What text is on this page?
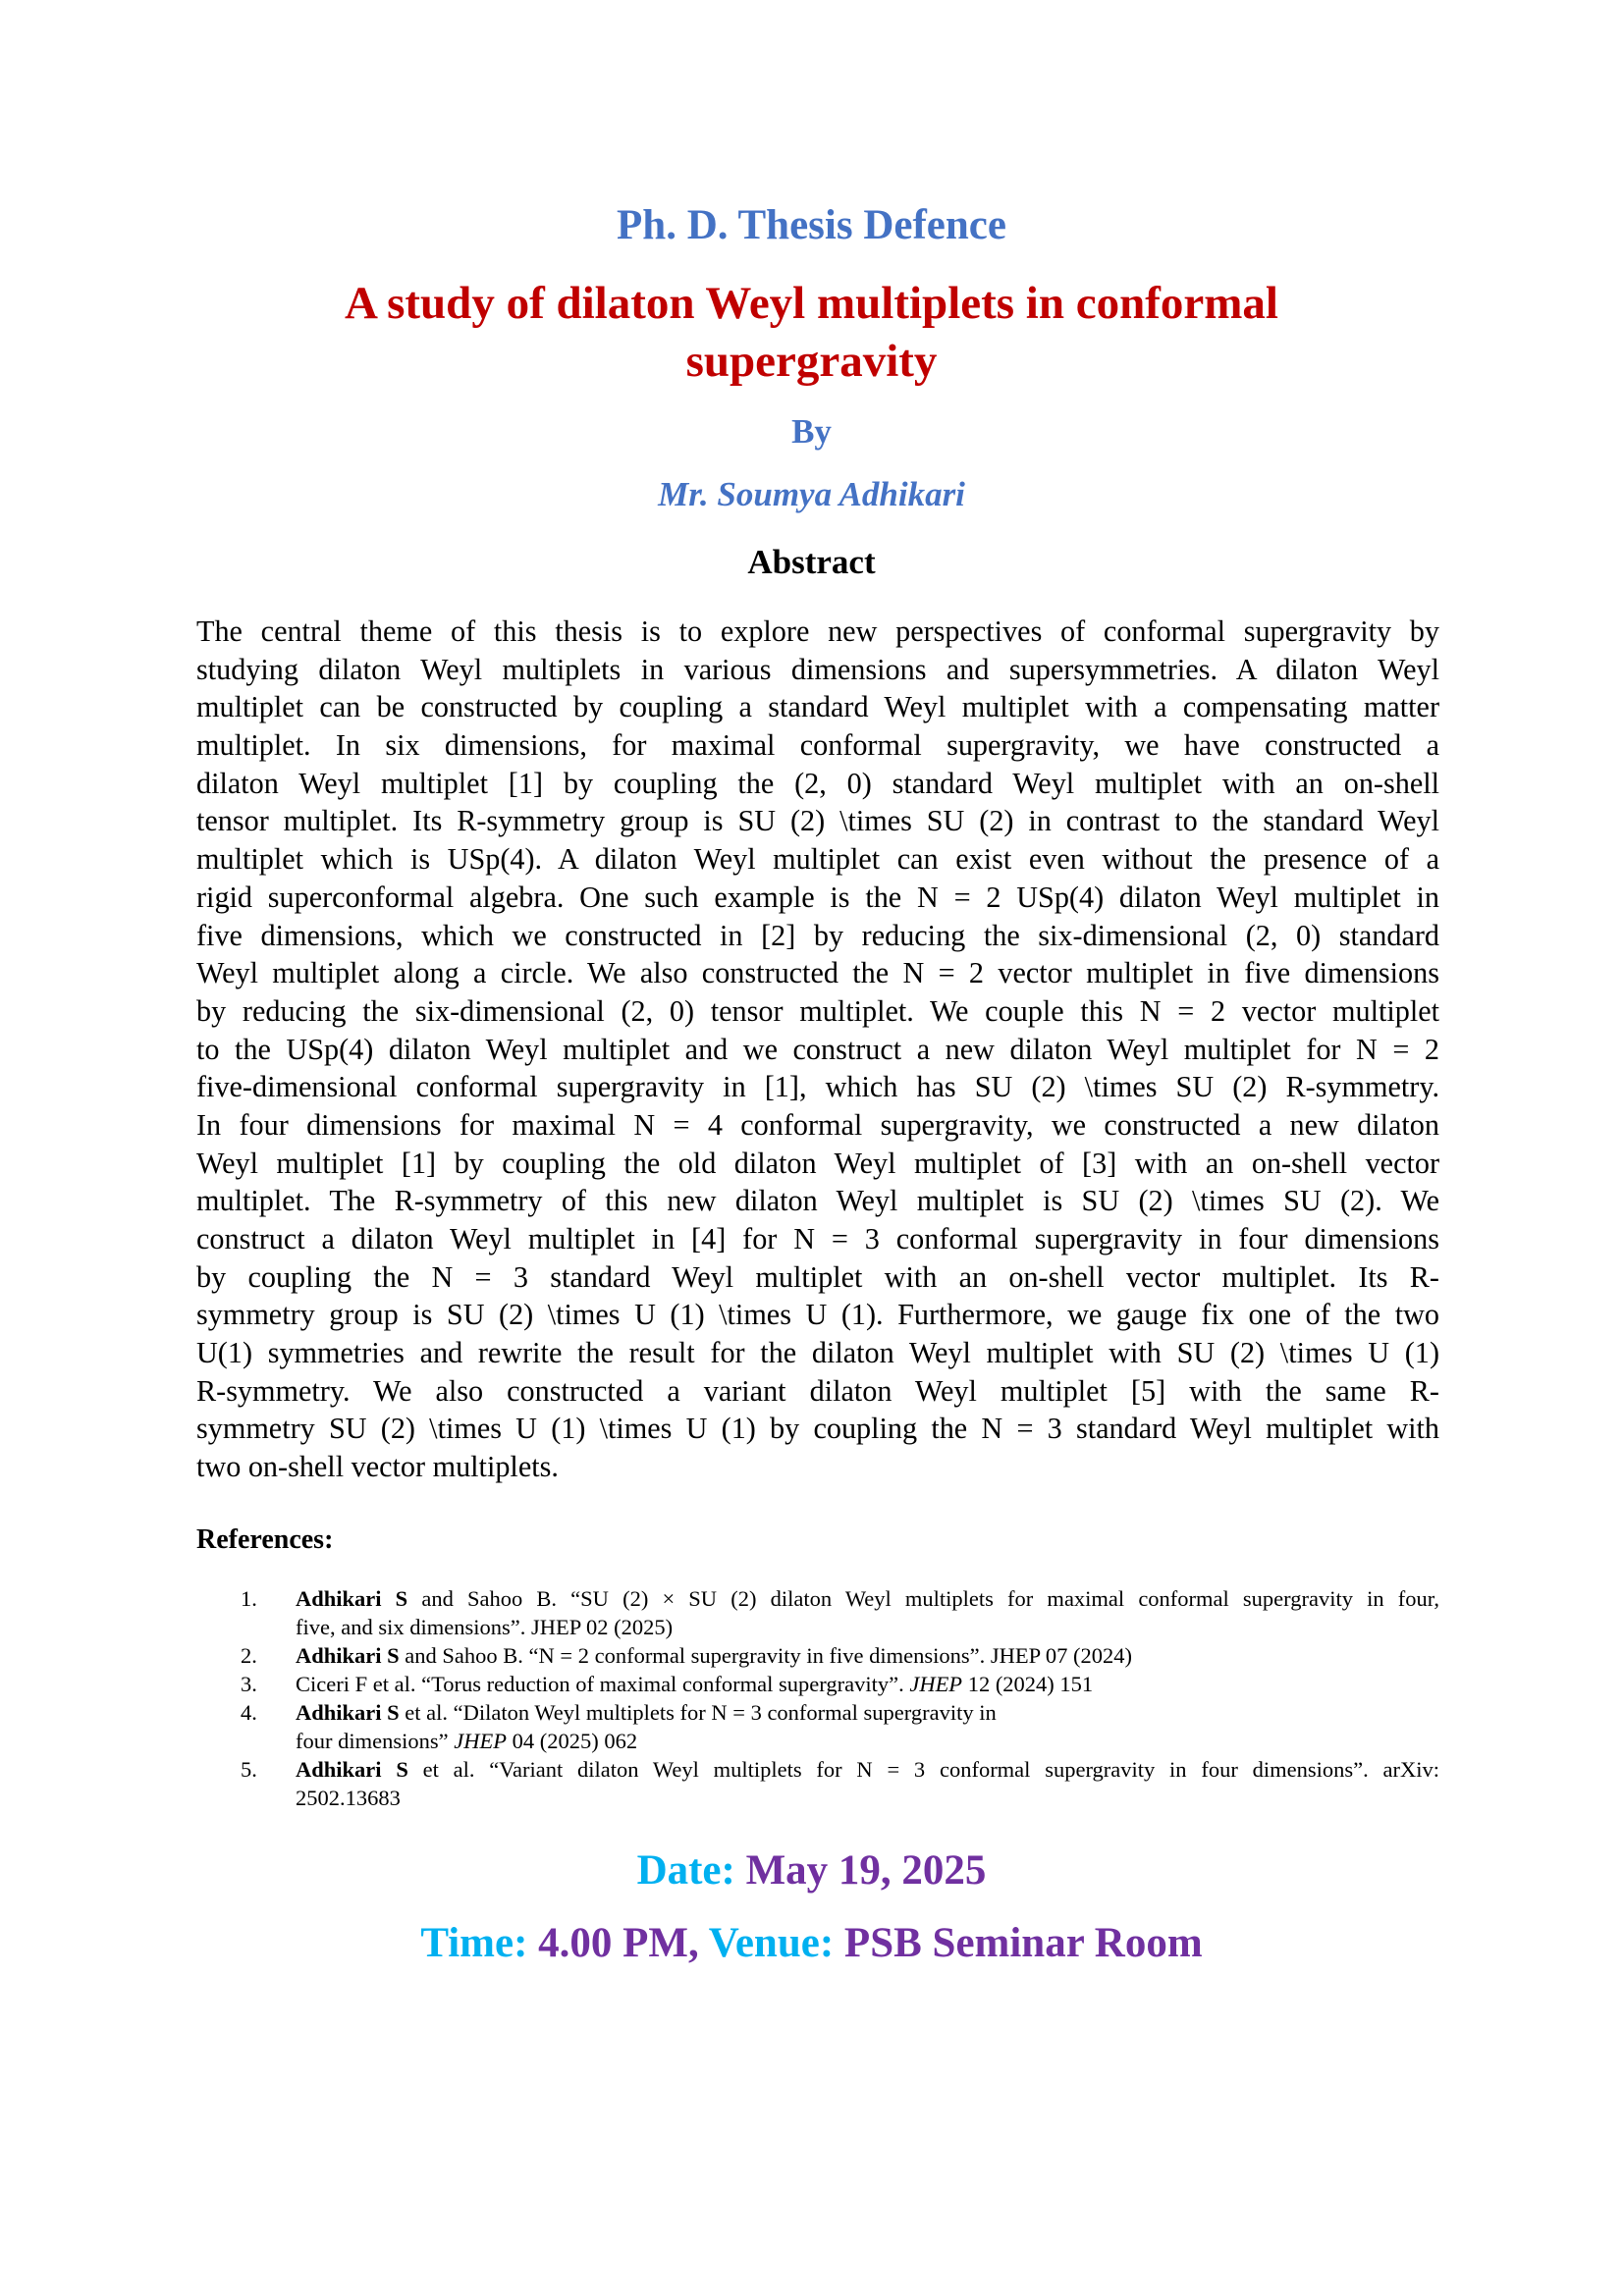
Ph. D. Thesis Defence
A study of dilaton Weyl multiplets in conformal
supergravity
By
Mr. Soumya Adhikari
Abstract
The central theme of this thesis is to explore new perspectives of conformal supergravity by
studying dilaton Weyl multiplets in various dimensions and supersymmetries. A dilaton Weyl
multiplet can be constructed by coupling a standard Weyl multiplet with a compensating matter
multiplet. In six dimensions, for maximal conformal supergravity, we have constructed a
dilaton Weyl multiplet [1] by coupling the (2, 0) standard Weyl multiplet with an on-shell
tensor multiplet. Its R-symmetry group is SU (2) \times SU (2) in contrast to the standard Weyl
multiplet which is USp(4). A dilaton Weyl multiplet can exist even without the presence of a
rigid superconformal algebra. One such example is the N = 2 USp(4) dilaton Weyl multiplet in
five dimensions, which we constructed in [2] by reducing the six-dimensional (2, 0) standard
Weyl multiplet along a circle. We also constructed the N = 2 vector multiplet in five dimensions
by reducing the six-dimensional (2, 0) tensor multiplet. We couple this N = 2 vector multiplet
to the USp(4) dilaton Weyl multiplet and we construct a new dilaton Weyl multiplet for N = 2
five-dimensional conformal supergravity in [1], which has SU (2) \times SU (2) R-symmetry.
In four dimensions for maximal N = 4 conformal supergravity, we constructed a new dilaton
Weyl multiplet [1] by coupling the old dilaton Weyl multiplet of [3] with an on-shell vector
multiplet. The R-symmetry of this new dilaton Weyl multiplet is SU (2) \times SU (2). We
construct a dilaton Weyl multiplet in [4] for N = 3 conformal supergravity in four dimensions
by coupling the N = 3 standard Weyl multiplet with an on-shell vector multiplet. Its R-
symmetry group is SU (2) \times U (1) \times U (1). Furthermore, we gauge fix one of the two
U(1) symmetries and rewrite the result for the dilaton Weyl multiplet with SU (2) \times U (1)
R-symmetry. We also constructed a variant dilaton Weyl multiplet [5] with the same R-
symmetry SU (2) \times U (1) \times U (1) by coupling the N = 3 standard Weyl multiplet with
two on-shell vector multiplets.
References:
1. Adhikari S and Sahoo B. “SU (2) × SU (2) dilaton Weyl multiplets for maximal conformal supergravity in four,
five, and six dimensions”. JHEP 02 (2025)
2. Adhikari S and Sahoo B. “N = 2 conformal supergravity in five dimensions”. JHEP 07 (2024)
3. Ciceri F et al. “Torus reduction of maximal conformal supergravity”. JHEP 12 (2024) 151
4. Adhikari S et al. “Dilaton Weyl multiplets for N = 3 conformal supergravity in
four dimensions” JHEP 04 (2025) 062
5. Adhikari S et al. “Variant dilaton Weyl multiplets for N = 3 conformal supergravity in four dimensions”. arXiv:
2502.13683
Date: May 19, 2025
Time: 4.00 PM, Venue: PSB Seminar Room
